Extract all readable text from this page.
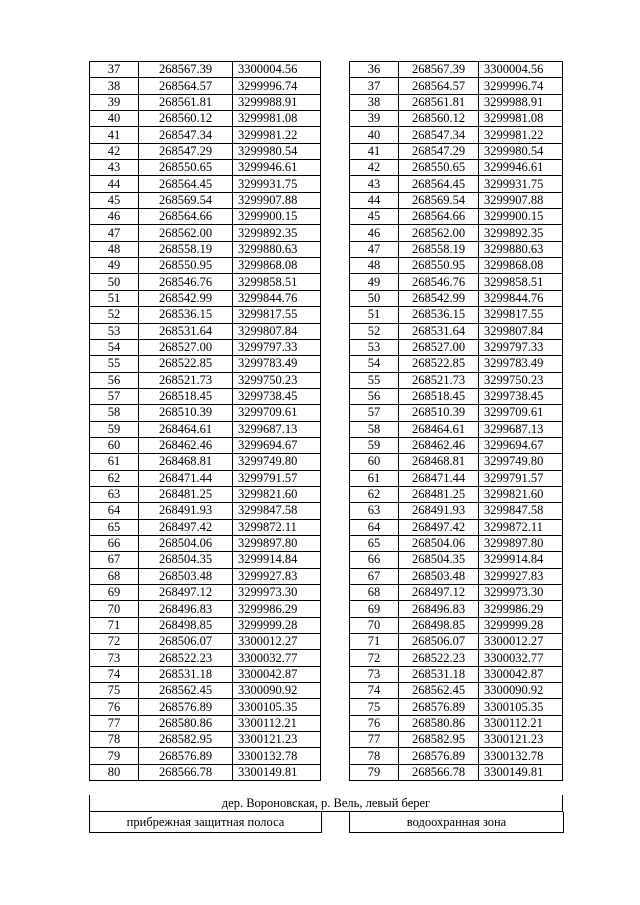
37	268567.39	3300004.56
38	268564.57	3299996.74
39	268561.81	3299988.91
40	268560.12	3299981.08
41	268547.34	3299981.22
42	268547.29	3299980.54
43	268550.65	3299946.61
44	268564.45	3299931.75
45	268569.54	3299907.88
46	268564.66	3299900.15
47	268562.00	3299892.35
48	268558.19	3299880.63
49	268550.95	3299868.08
50	268546.76	3299858.51
51	268542.99	3299844.76
52	268536.15	3299817.55
53	268531.64	3299807.84
54	268527.00	3299797.33
55	268522.85	3299783.49
56	268521.73	3299750.23
57	268518.45	3299738.45
58	268510.39	3299709.61
59	268464.61	3299687.13
60	268462.46	3299694.67
61	268468.81	3299749.80
62	268471.44	3299791.57
63	268481.25	3299821.60
64	268491.93	3299847.58
65	268497.42	3299872.11
66	268504.06	3299897.80
67	268504.35	3299914.84
68	268503.48	3299927.83
69	268497.12	3299973.30
70	268496.83	3299986.29
71	268498.85	3299999.28
72	268506.07	3300012.27
73	268522.23	3300032.77
74	268531.18	3300042.87
75	268562.45	3300090.92
76	268576.89	3300105.35
77	268580.86	3300112.21
78	268582.95	3300121.23
79	268576.89	3300132.78
80	268566.78	3300149.81
36	268567.39	3300004.56
37	268564.57	3299996.74
38	268561.81	3299988.91
39	268560.12	3299981.08
40	268547.34	3299981.22
41	268547.29	3299980.54
42	268550.65	3299946.61
43	268564.45	3299931.75
44	268569.54	3299907.88
45	268564.66	3299900.15
46	268562.00	3299892.35
47	268558.19	3299880.63
48	268550.95	3299868.08
49	268546.76	3299858.51
50	268542.99	3299844.76
51	268536.15	3299817.55
52	268531.64	3299807.84
53	268527.00	3299797.33
54	268522.85	3299783.49
55	268521.73	3299750.23
56	268518.45	3299738.45
57	268510.39	3299709.61
58	268464.61	3299687.13
59	268462.46	3299694.67
60	268468.81	3299749.80
61	268471.44	3299791.57
62	268481.25	3299821.60
63	268491.93	3299847.58
64	268497.42	3299872.11
65	268504.06	3299897.80
66	268504.35	3299914.84
67	268503.48	3299927.83
68	268497.12	3299973.30
69	268496.83	3299986.29
70	268498.85	3299999.28
71	268506.07	3300012.27
72	268522.23	3300032.77
73	268531.18	3300042.87
74	268562.45	3300090.92
75	268576.89	3300105.35
76	268580.86	3300112.21
77	268582.95	3300121.23
78	268576.89	3300132.78
79	268566.78	3300149.81
дер. Вороновская, р. Вель, левый берег
прибрежная защитная полоса	водоохранная зона
